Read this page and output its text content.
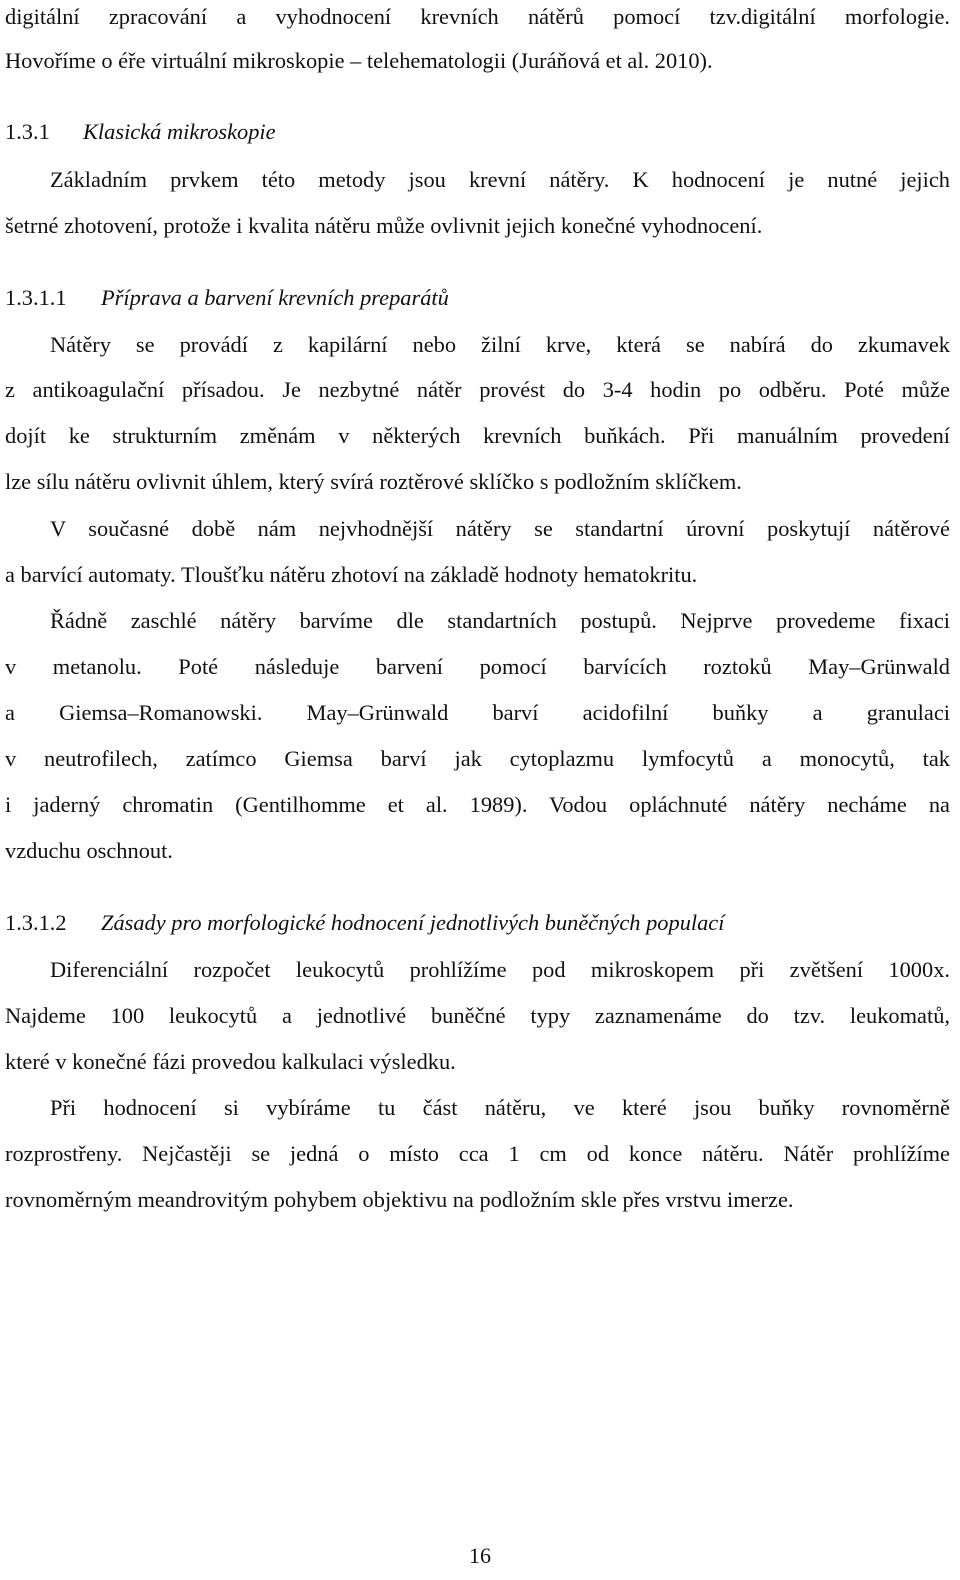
digitální zpracování a vyhodnocení krevních nátěrů pomocí tzv.digitální morfologie.
Hovoříme o éře virtuální mikroskopie – telehematologii (Juráňová et al. 2010).
1.3.1 Klasická mikroskopie
Základním prvkem této metody jsou krevní nátěry. K hodnocení je nutné jejich
šetrné zhotovení, protože i kvalita nátěru může ovlivnit jejich konečné vyhodnocení.
1.3.1.1 Příprava a barvení krevních preparátů
Nátěry se provádí z kapilární nebo žilní krve, která se nabírá do zkumavek
z antikoagulační přísadou. Je nezbytné nátěr provést do 3-4 hodin po odběru. Poté může
dojít ke strukturním změnám v některých krevních buňkách. Při manuálním provedení
lze sílu nátěru ovlivnit úhlem, který svírá roztěrové sklíčko s podložním sklíčkem.
V současné době nám nejvhodnější nátěry se standartní úrovní poskytují nátěrové
a barvící automaty. Tloušťku nátěru zhotoví na základě hodnoty hematokritu.
Řádně zaschlé nátěry barvíme dle standartních postupů. Nejprve provedeme fixaci
v metanolu. Poté následuje barvení pomocí barvících roztoků May–Grünwald
a Giemsa–Romanowski. May–Grünwald barví acidofilní buňky a granulaci
v neutrofilech, zatímco Giemsa barví jak cytoplazmu lymfocytů a monocytů, tak
i jaderný chromatin (Gentilhomme et al. 1989). Vodou opláchnuté nátěry necháme na
vzduchu oschnout.
1.3.1.2 Zásady pro morfologické hodnocení jednotlivých buněčných populací
Diferenciální rozpočet leukocytů prohlížíme pod mikroskopem při zvětšení 1000x.
Najdeme 100 leukocytů a jednotlivé buněčné typy zaznamenáme do tzv. leukomatů,
které v konečné fázi provedou kalkulaci výsledku.
Při hodnocení si vybíráme tu část nátěru, ve které jsou buňky rovnoměrně
rozprostřeny. Nejčastěji se jedná o místo cca 1 cm od konce nátěru. Nátěr prohlížíme
rovnoměrným meandrovitým pohybem objektivu na podložním skle přes vrstvu imerze.
16
